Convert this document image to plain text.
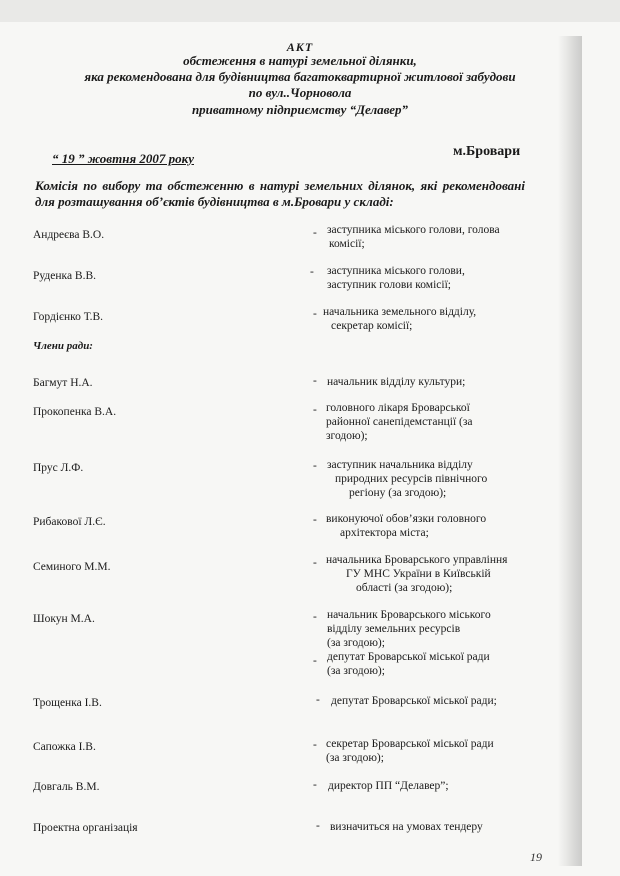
АКТ
обстеження в натурі земельної ділянки,
яка рекомендована для будівництва багатоквартирної житлової забудови
по вул..Чорновола
приватному підприємству “Делавер”
“ 19 ” жовтня 2007 року	м.Бровари
Комісія по вибору та обстеженню в натурі земельних ділянок, які рекомендовані для розташування об’єктів будівництва в м.Бровари у складі:
Андреєва В.О.	- заступника міського голови, голова
комісії;
Руденка В.В.	- заступника міського голови,
заступник голови комісії;
Гордієнко Т.В.	- начальника земельного відділу,
секретар комісії;
Члени ради:
Багмут Н.А.	- начальник відділу культури;
Прокопенка В.А.	- головного лікаря Броварської
районної санепідемстанції (за
згодою);
Прус Л.Ф.	- заступник начальника відділу
природних ресурсів північного
регіону (за згодою);
Рибакової Л.Є.	- виконуючої обов’язки головного
архітектора міста;
Семиного М.М.	- начальника Броварського управління
ГУ МНС України в Київській
області (за згодою);
Шокун М.А.	- начальник Броварського міського
відділу земельних ресурсів
(за згодою);
- депутат Броварської міської ради
(за згодою);
Трощенка І.В.	- депутат Броварської міської ради;
Сапожка І.В.	- секретар Броварської міської ради
(за згодою);
Довгаль В.М.	- директор ПП “Делавер”;
Проектна організація	- визначиться на умовах тендеру
19
